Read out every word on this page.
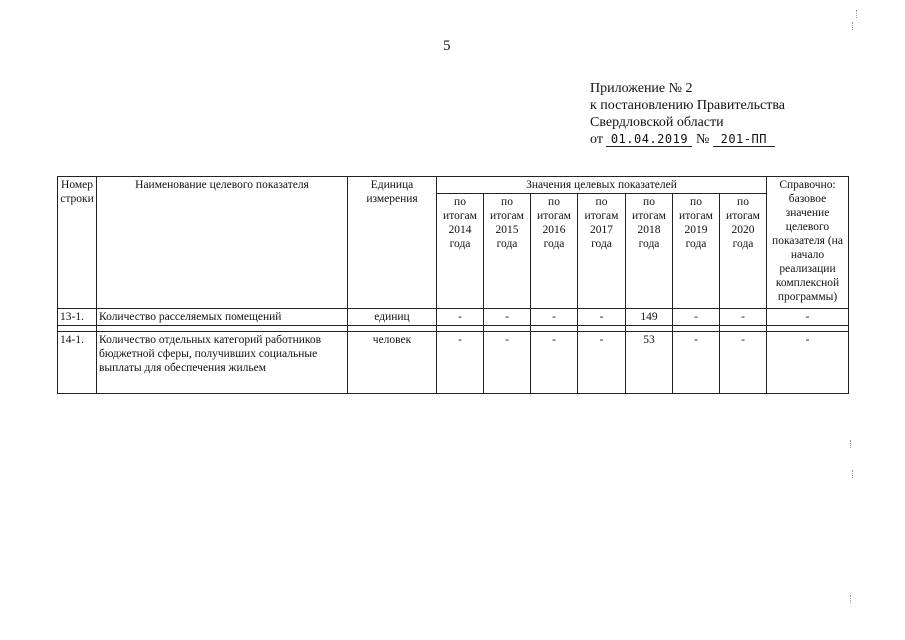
5
Приложение № 2
к постановлению Правительства
Свердловской области
от 01.04.2019 № 201-ПП
Номер строки	Наименование целевого показателя	Единица измерения	Значения целевых показателей							Справочно: базовое значение целевого показателя (на начало реализации комплексной программы)
			по итогам 2014 года	по итогам 2015 года	по итогам 2016 года	по итогам 2017 года	по итогам 2018 года	по итогам 2019 года	по итогам 2020 года	
13-1.	Количество расселяемых помещений	единиц	-	-	-	-	149	-	-	-

14-1.	Количество отдельных категорий работников бюджетной сферы, получивших социальные выплаты для обеспечения жильем	человек	-	-	-	-	53	-	-	-
